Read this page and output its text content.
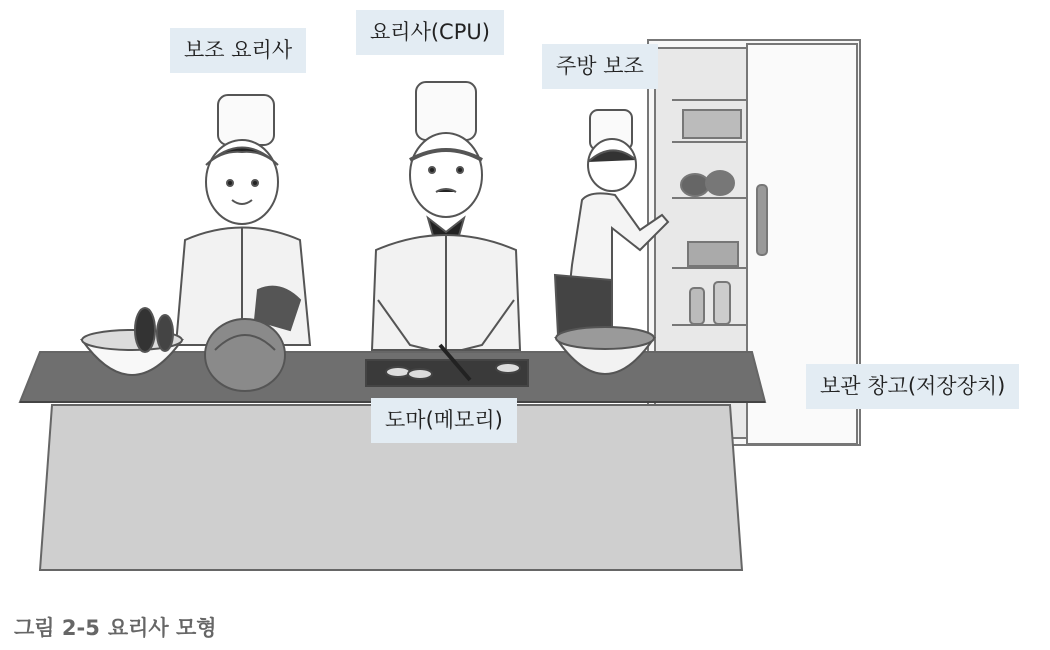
보조 요리사
요리사(CPU)
주방 보조
보관 창고(저장장치)
도마(메모리)
그림 2-5 요리사 모형
